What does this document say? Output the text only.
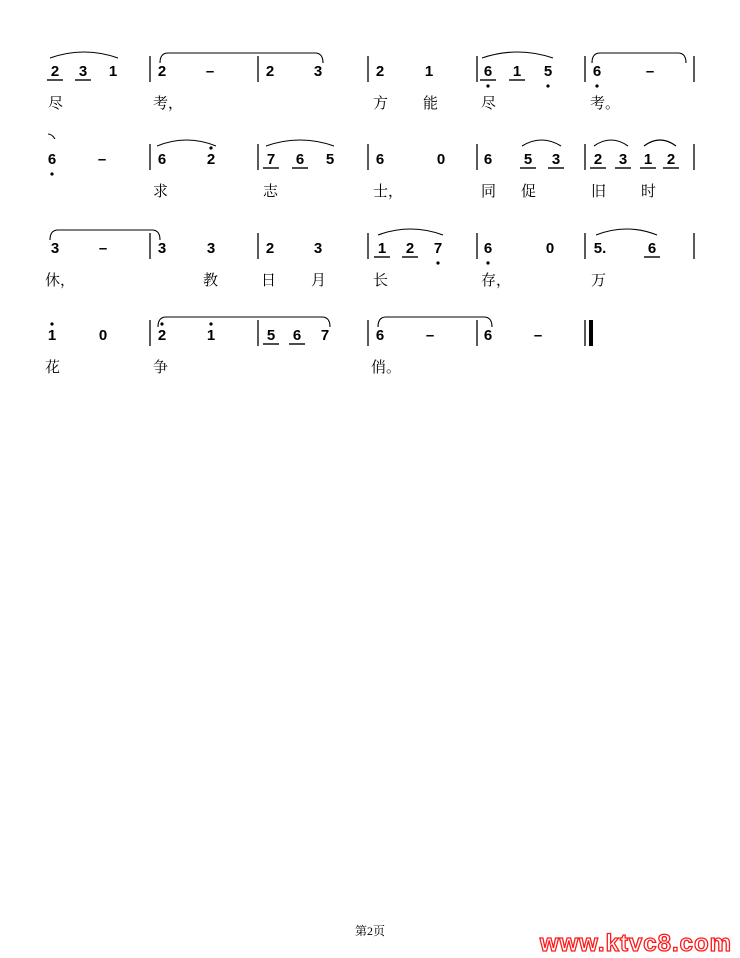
2 3 1	2	–	2	3	2	1	6 1 5	6	–
尽	考，	方 能	尽	考。
6	–	6	2	7 6 5	6	0	6 5 3 2 3 1 2
求	志	士，	同 促	旧 时
3	–	3	3	2	3	1 2 7	6	0	5.	6
休，	教	日 月	长	存，	万
1	0	2	1	5 6 7	6	–	6	–
花	争	俏。
第2页	www.ktvc8.com
